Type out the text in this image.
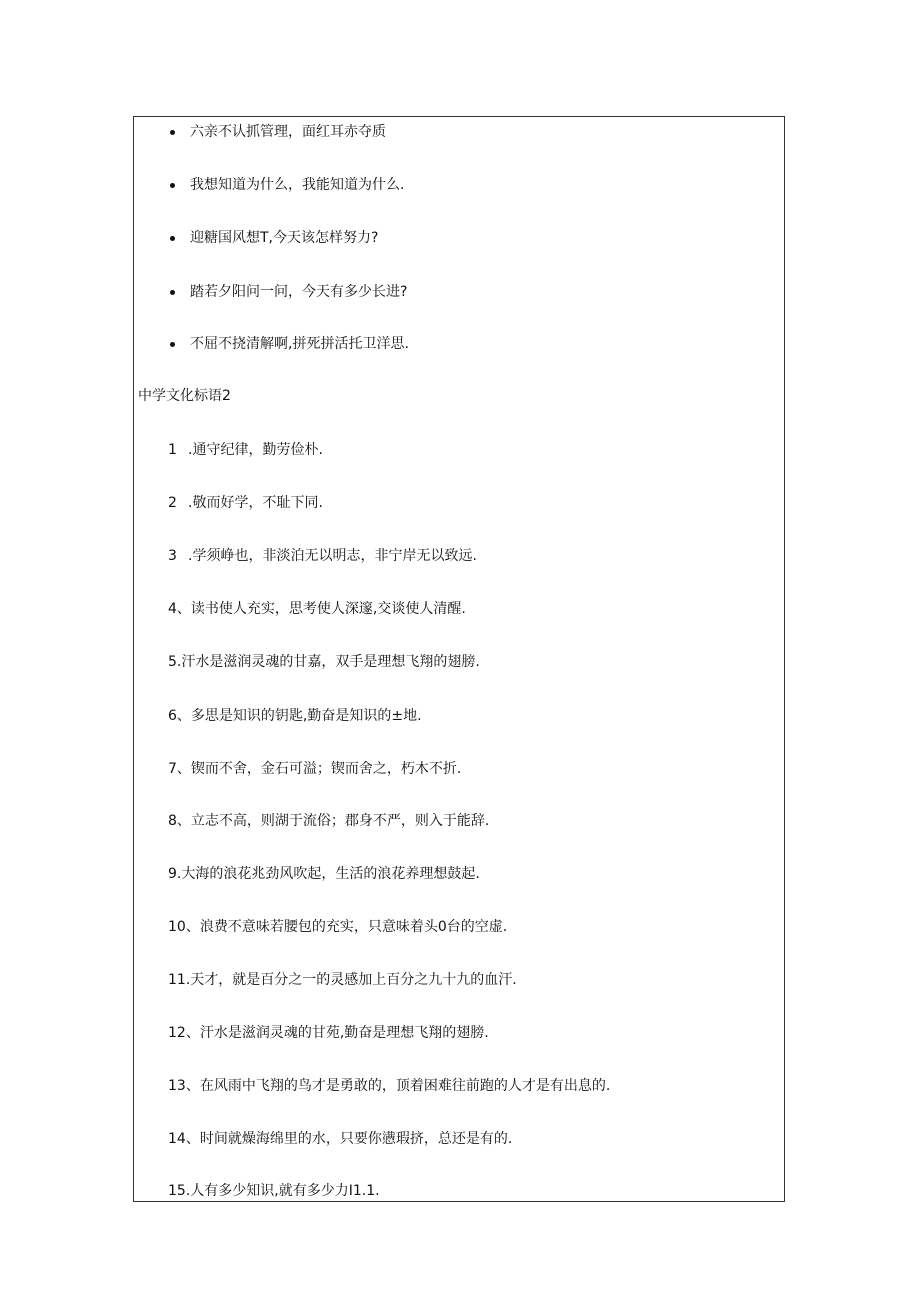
六亲不认抓管理，面红耳赤夺质
我想知道为什么，我能知道为什么.
迎糖国风想T,今天该怎样努力?
踏若夕阳问一问，今天有多少长进?
不屈不挠清解啊,拼死拼活托卫洋思.
中学文化标语2
1 .通守纪律，勤劳俭朴.
2 .敬而好学，不耻下同.
3 .学须峥也，非淡泊无以明志，非宁岸无以致远.
4、读书使人充实，思考使人深邃,交谈使人清醒.
5.汗水是滋润灵魂的甘嘉，双手是理想飞翔的翅膀.
6、多思是知识的钥匙,勤奋是知识的±地.
7、锲而不舍，金石可溢；锲而舍之，朽木不折.
8、立志不高，则湖于流俗；郡身不严，则入于能辞.
9.大海的浪花兆劲风吹起，生活的浪花养理想鼓起.
10、浪费不意味若腰包的充实，只意味着头0台的空虚.
11.天才，就是百分之一的灵感加上百分之九十九的血汗.
12、汗水是滋润灵魂的甘苑,勤奋是理想飞翔的翅膀.
13、在风雨中飞翔的鸟才是勇敢的，顶着困难往前跑的人才是有出息的.
14、时间就燥海绵里的水，只要你懑瑕挤，总还是有的.
15.人有多少知识,就有多少力I1.1.
